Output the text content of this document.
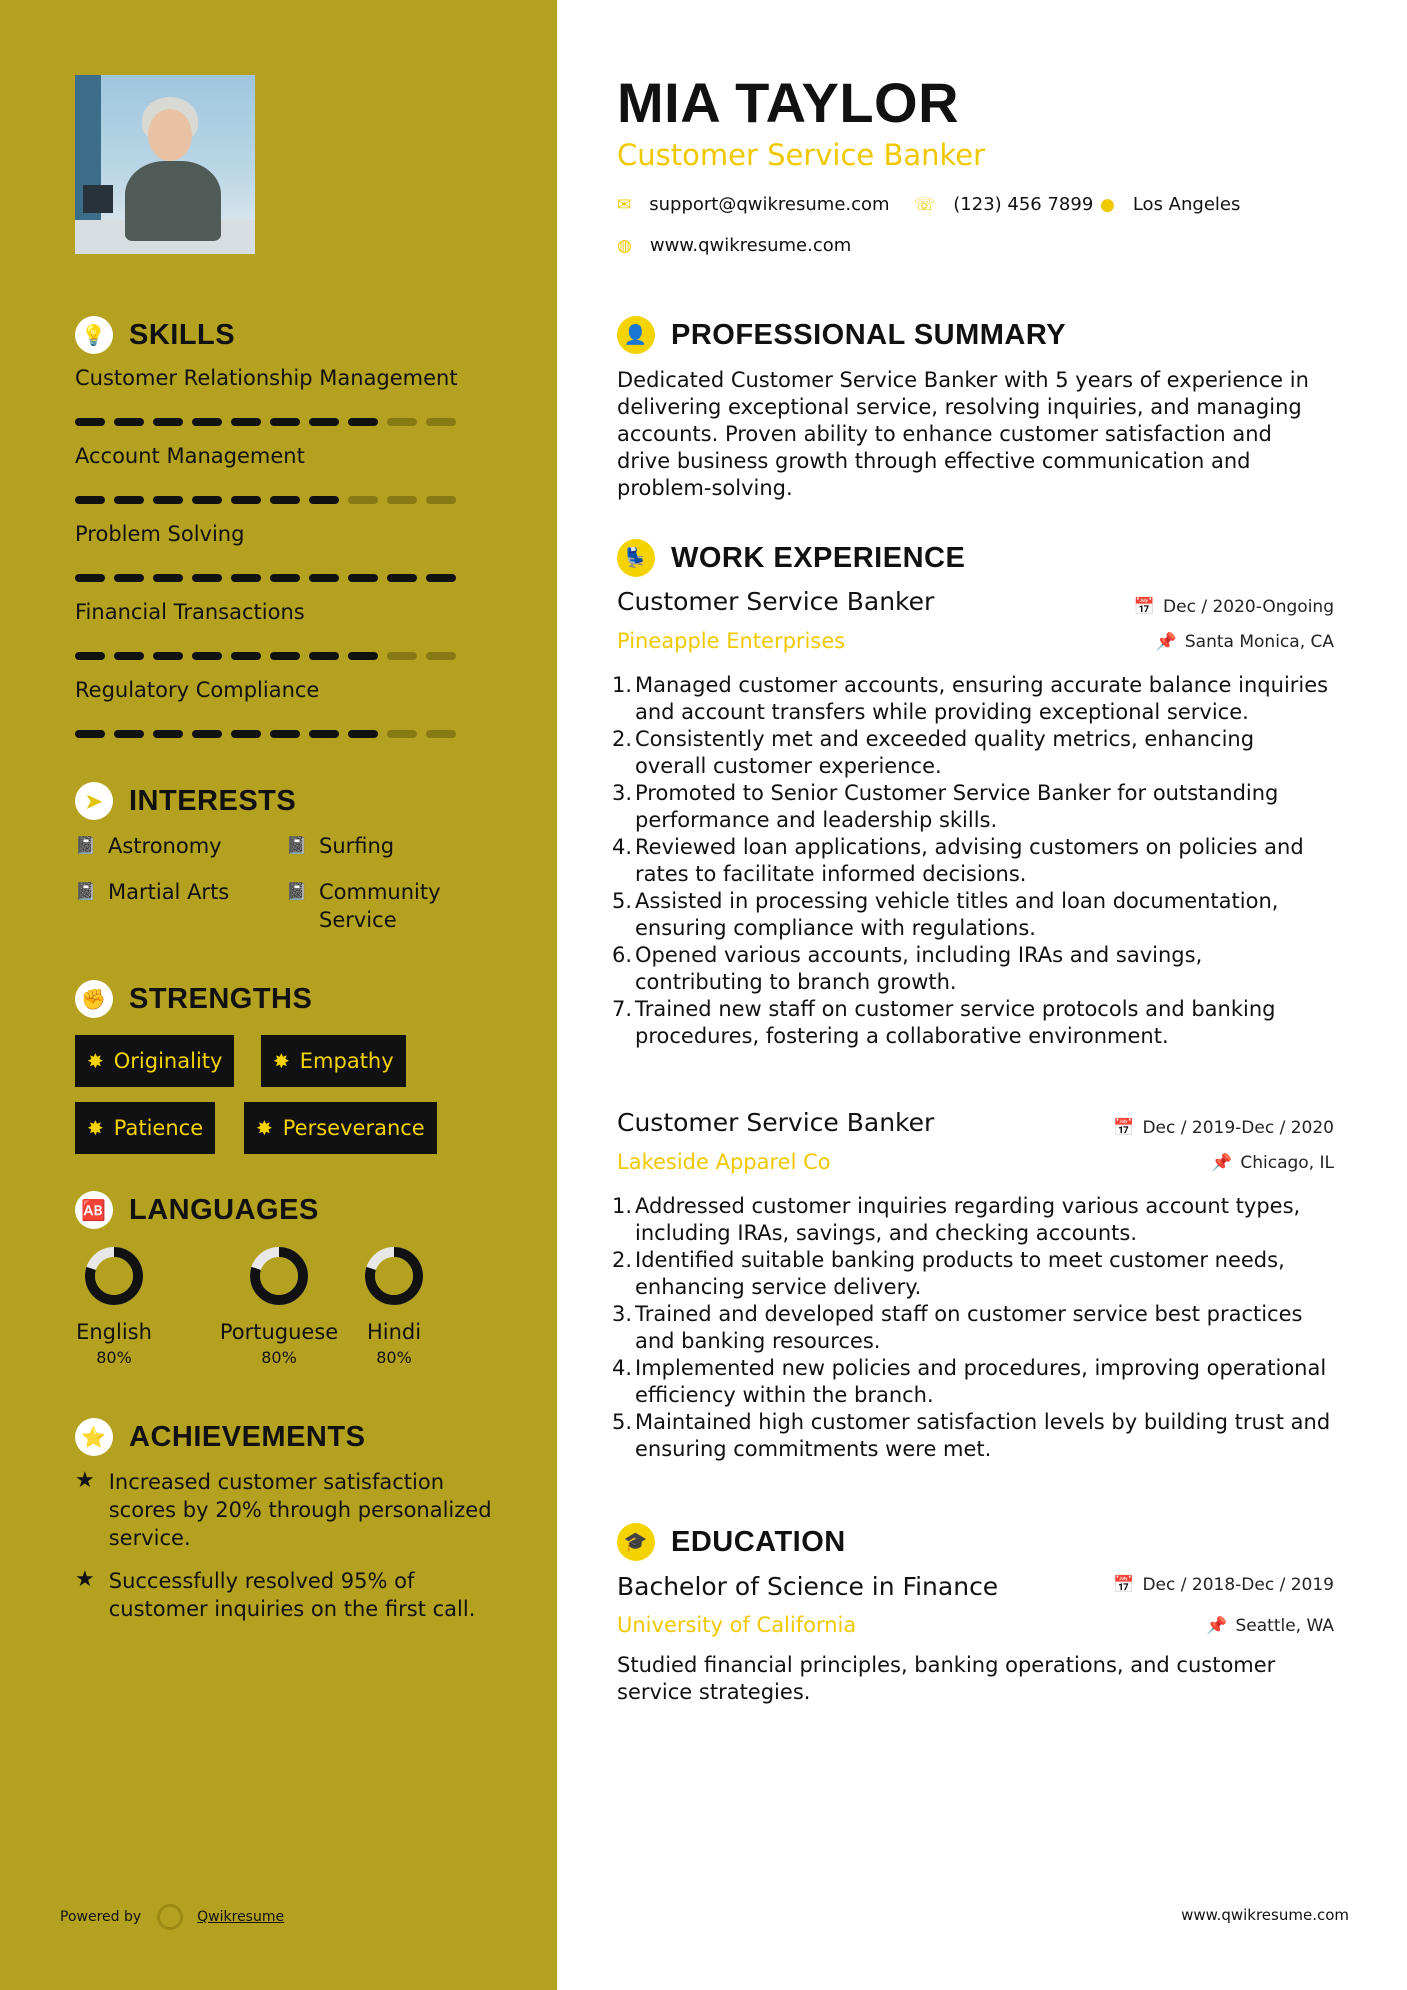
💡 SKILLS
Customer Relationship Management
Account Management
Problem Solving
Financial Transactions
Regulatory Compliance
➤ INTERESTS
📓 Astronomy	📓 Surfing
📓 Martial Arts	📓 Community Service
✊ STRENGTHS
✸ Originality	✸ Empathy
✸ Patience	✸ Perseverance
🆎 LANGUAGES
English
80%
Portuguese
80%
Hindi
80%
⭐ ACHIEVEMENTS
★ Increased customer satisfaction scores by 20% through personalized service.
★ Successfully resolved 95% of customer inquiries on the first call.
Powered by	Qwikresume
MIA TAYLOR
Customer Service Banker
✉ support@qwikresume.com ☏ (123) 456 7899 ● Los Angeles
◍ www.qwikresume.com
👤 PROFESSIONAL SUMMARY
Dedicated Customer Service Banker with 5 years of experience in delivering exceptional service, resolving inquiries, and managing accounts. Proven ability to enhance customer satisfaction and drive business growth through effective communication and problem-solving.
💺 WORK EXPERIENCE
Customer Service Banker	📅 Dec / 2020-Ongoing
Pineapple Enterprises	📌 Santa Monica, CA
1. Managed customer accounts, ensuring accurate balance inquiries and account transfers while providing exceptional service.
2. Consistently met and exceeded quality metrics, enhancing overall customer experience.
3. Promoted to Senior Customer Service Banker for outstanding performance and leadership skills.
4. Reviewed loan applications, advising customers on policies and rates to facilitate informed decisions.
5. Assisted in processing vehicle titles and loan documentation, ensuring compliance with regulations.
6. Opened various accounts, including IRAs and savings, contributing to branch growth.
7. Trained new staff on customer service protocols and banking procedures, fostering a collaborative environment.
Customer Service Banker	📅 Dec / 2019-Dec / 2020
Lakeside Apparel Co	📌 Chicago, IL
1. Addressed customer inquiries regarding various account types, including IRAs, savings, and checking accounts.
2. Identified suitable banking products to meet customer needs, enhancing service delivery.
3. Trained and developed staff on customer service best practices and banking resources.
4. Implemented new policies and procedures, improving operational efficiency within the branch.
5. Maintained high customer satisfaction levels by building trust and ensuring commitments were met.
🎓 EDUCATION
Bachelor of Science in Finance	📅 Dec / 2018-Dec / 2019
University of California	📌 Seattle, WA
Studied financial principles, banking operations, and customer service strategies.
www.qwikresume.com
